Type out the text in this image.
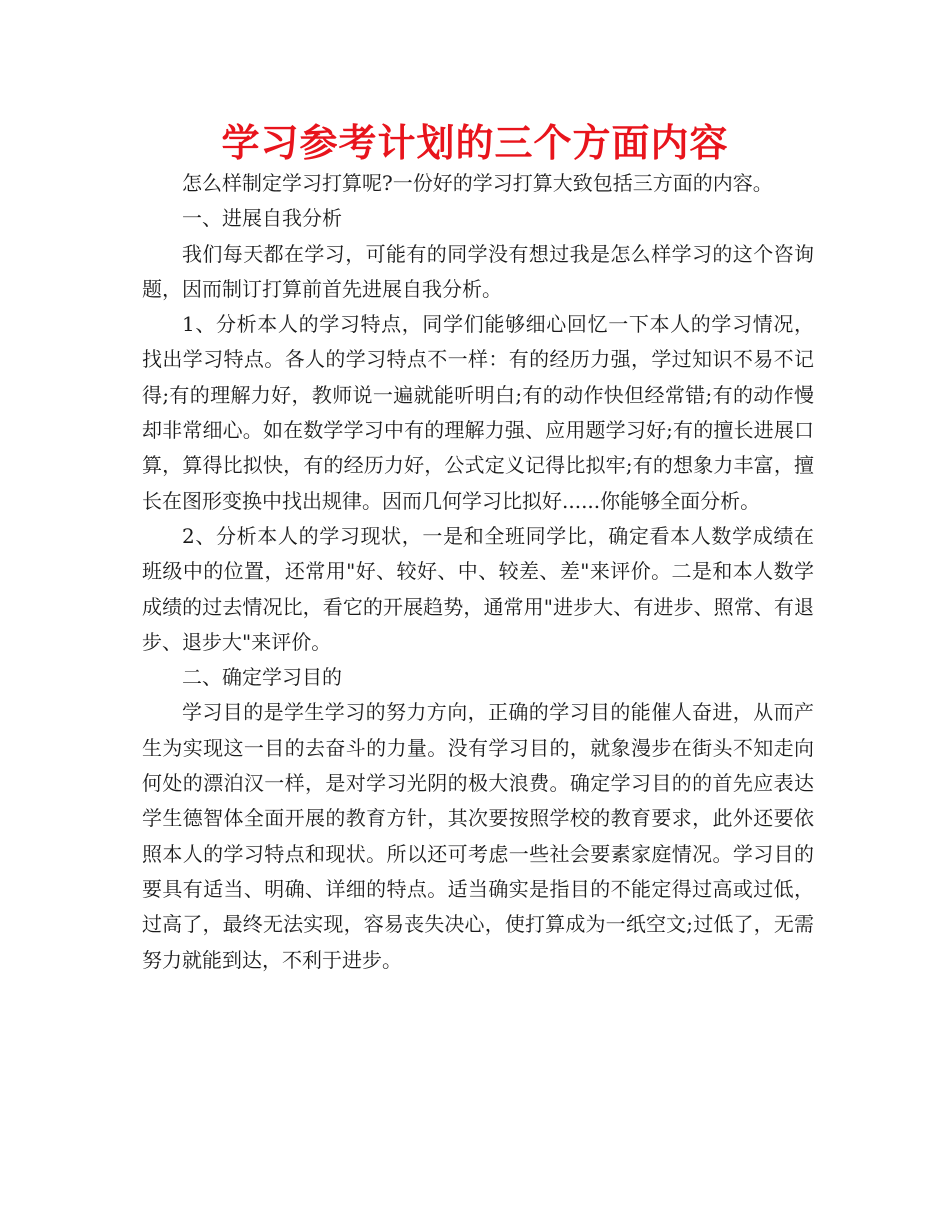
学习参考计划的三个方面内容

怎么样制定学习打算呢?一份好的学习打算大致包括三方面的内容。

一、进展自我分析

我们每天都在学习，可能有的同学没有想过我是怎么样学习的这个咨询题，因而制订打算前首先进展自我分析。

1、分析本人的学习特点，同学们能够细心回忆一下本人的学习情况，找出学习特点。各人的学习特点不一样：有的经历力强，学过知识不易不记得;有的理解力好，教师说一遍就能听明白;有的动作快但经常错;有的动作慢却非常细心。如在数学学习中有的理解力强、应用题学习好;有的擅长进展口算，算得比拟快，有的经历力好，公式定义记得比拟牢;有的想象力丰富，擅长在图形变换中找出规律。因而几何学习比拟好......你能够全面分析。

2、分析本人的学习现状，一是和全班同学比，确定看本人数学成绩在班级中的位置，还常用"好、较好、中、较差、差"来评价。二是和本人数学成绩的过去情况比，看它的开展趋势，通常用"进步大、有进步、照常、有退步、退步大"来评价。

二、确定学习目的

学习目的是学生学习的努力方向，正确的学习目的能催人奋进，从而产生为实现这一目的去奋斗的力量。没有学习目的，就象漫步在街头不知走向何处的漂泊汉一样，是对学习光阴的极大浪费。确定学习目的的首先应表达学生德智体全面开展的教育方针，其次要按照学校的教育要求，此外还要依照本人的学习特点和现状。所以还可考虑一些社会要素家庭情况。学习目的要具有适当、明确、详细的特点。适当确实是指目的不能定得过高或过低，过高了，最终无法实现，容易丧失决心，使打算成为一纸空文;过低了，无需努力就能到达，不利于进步。
